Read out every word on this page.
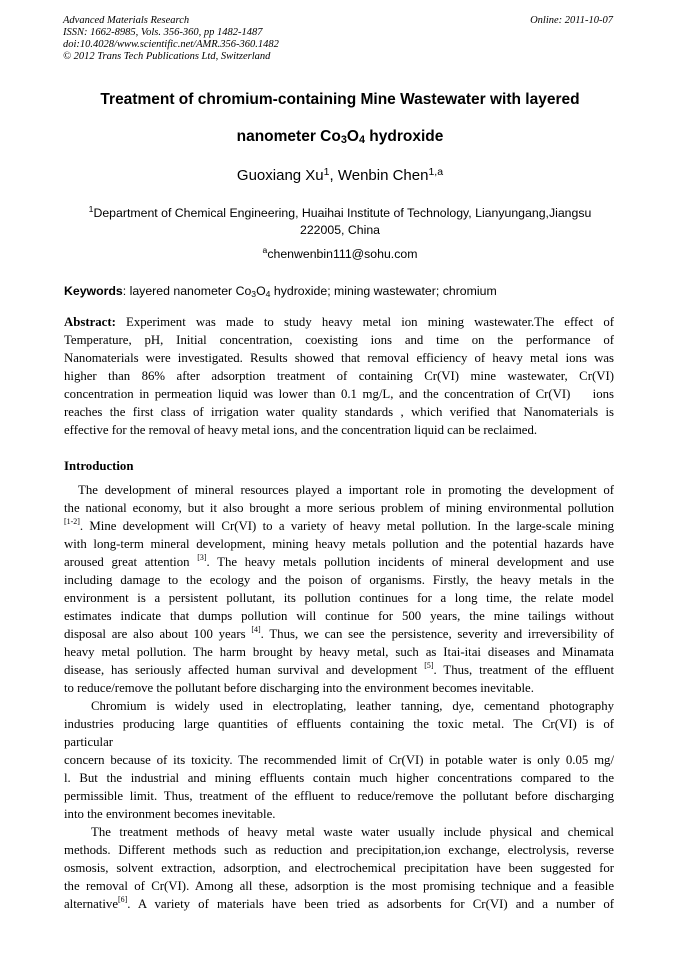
Advanced Materials Research
ISSN: 1662-8985, Vols. 356-360, pp 1482-1487
doi:10.4028/www.scientific.net/AMR.356-360.1482
© 2012 Trans Tech Publications Ltd, Switzerland
Online: 2011-10-07
Treatment of chromium-containing Mine Wastewater with layered
nanometer $Co_3O_4$ hydroxide
Guoxiang Xu$^1$, Wenbin Chen$^{1,a}$
$^1$Department of Chemical Engineering, Huaihai Institute of Technology, Lianyungang,Jiangsu
222005, China
$^a$chenwenbin111@sohu.com
Keywords: layered nanometer $Co_3O_4$ hydroxide; mining wastewater; chromium
Abstract: Experiment was made to study heavy metal ion mining wastewater.The effect of
Temperature, pH, Initial concentration, coexisting ions and time on the performance of
Nanomaterials were investigated. Results showed that removal efficiency of heavy metal ions was
higher than 86% after adsorption treatment of containing Cr(VI) mine wastewater, Cr(VI)
concentration in permeation liquid was lower than 0.1 mg/L, and the concentration of Cr(VI)    ions
reaches the first class of irrigation water quality standards , which verified that Nanomaterials is
effective for the removal of heavy metal ions, and the concentration liquid can be reclaimed.
Introduction
The development of mineral resources played a important role in promoting the development of
the national economy, but it also brought a more serious problem of mining environmental pollution
[1-2]. Mine development will Cr(VI) to a variety of heavy metal pollution. In the large-scale mining
with long-term mineral development, mining heavy metals pollution and the potential hazards have
aroused great attention [3]. The heavy metals pollution incidents of mineral development and use
including damage to the ecology and the poison of organisms. Firstly, the heavy metals in the
environment is a persistent pollutant, its pollution continues for a long time, the relate model
estimates indicate that dumps pollution will continue for 500 years, the mine tailings without
disposal are also about 100 years [4]. Thus, we can see the persistence, severity and irreversibility of
heavy metal pollution. The harm brought by heavy metal, such as Itai-itai diseases and Minamata
disease, has seriously affected human survival and development [5]. Thus, treatment of the effluent
to reduce/remove the pollutant before discharging into the environment becomes inevitable.
Chromium is widely used in electroplating, leather tanning, dye, cementand photography
industries producing large quantities of effluents containing the toxic metal. The Cr(VI) is of
particular
concern because of its toxicity. The recommended limit of Cr(VI) in potable water is only 0.05 mg/
l. But the industrial and mining effluents contain much higher concentrations compared to the
permissible limit. Thus, treatment of the effluent to reduce/remove the pollutant before discharging
into the environment becomes inevitable.
The treatment methods of heavy metal waste water usually include physical and chemical
methods. Different methods such as reduction and precipitation,ion exchange, electrolysis, reverse
osmosis, solvent extraction, adsorption, and electrochemical precipitation have been suggested for
the removal of Cr(VI). Among all these, adsorption is the most promising technique and a feasible
alternative[6]. A variety of materials have been tried as adsorbents for Cr(VI) and a number of
